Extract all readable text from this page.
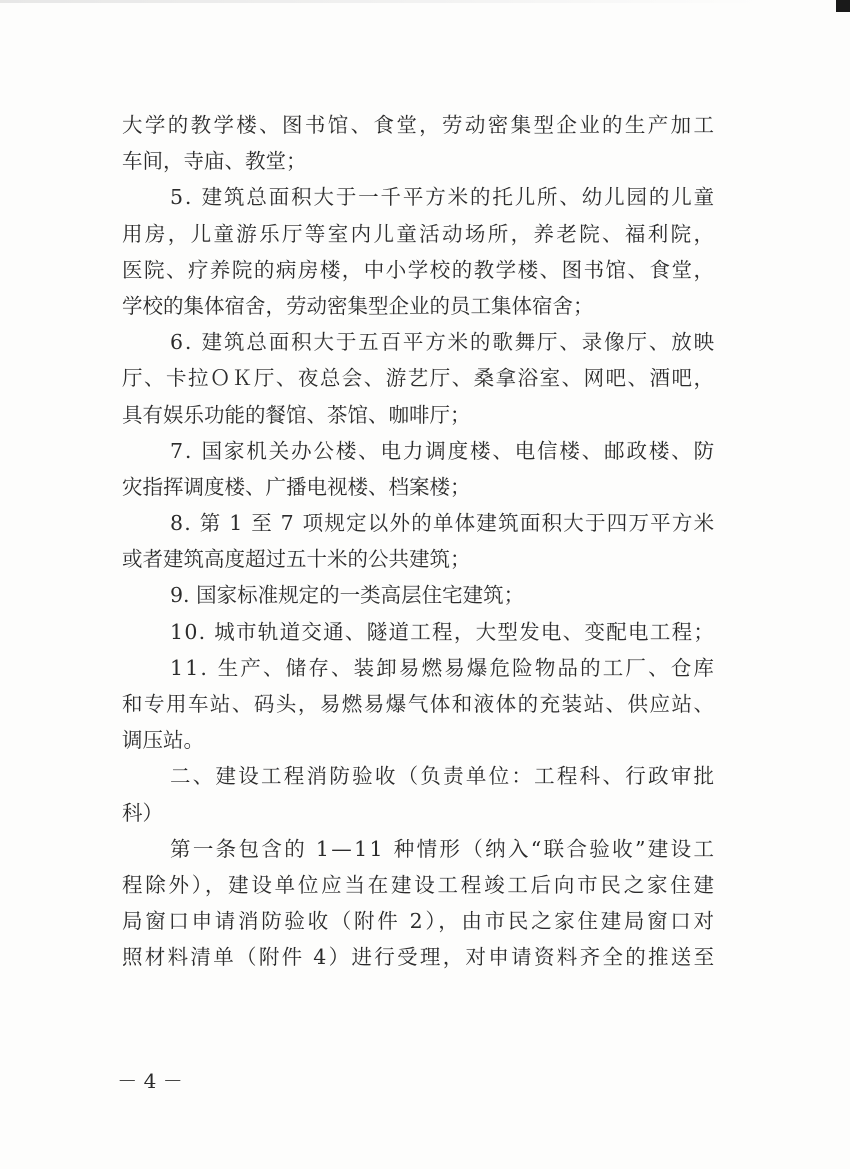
大学的教学楼、图书馆、食堂，劳动密集型企业的生产加工
车间，寺庙、教堂；
5. 建筑总面积大于一千平方米的托儿所、幼儿园的儿童
用房，儿童游乐厅等室内儿童活动场所，养老院、福利院，
医院、疗养院的病房楼，中小学校的教学楼、图书馆、食堂，
学校的集体宿舍，劳动密集型企业的员工集体宿舍；
6. 建筑总面积大于五百平方米的歌舞厅、录像厅、放映
厅、卡拉ＯＫ厅、夜总会、游艺厅、桑拿浴室、网吧、酒吧，
具有娱乐功能的餐馆、茶馆、咖啡厅；
7. 国家机关办公楼、电力调度楼、电信楼、邮政楼、防
灾指挥调度楼、广播电视楼、档案楼；
8. 第 1 至 7 项规定以外的单体建筑面积大于四万平方米
或者建筑高度超过五十米的公共建筑；
9. 国家标准规定的一类高层住宅建筑；
10. 城市轨道交通、隧道工程，大型发电、变配电工程；
11. 生产、储存、装卸易燃易爆危险物品的工厂、仓库
和专用车站、码头，易燃易爆气体和液体的充装站、供应站、
调压站。
二、建设工程消防验收（负责单位：工程科、行政审批
科）
第一条包含的 1—11 种情形（纳入“联合验收”建设工
程除外），建设单位应当在建设工程竣工后向市民之家住建
局窗口申请消防验收（附件 2），由市民之家住建局窗口对
照材料清单（附件 4）进行受理，对申请资料齐全的推送至
－ 4 －
